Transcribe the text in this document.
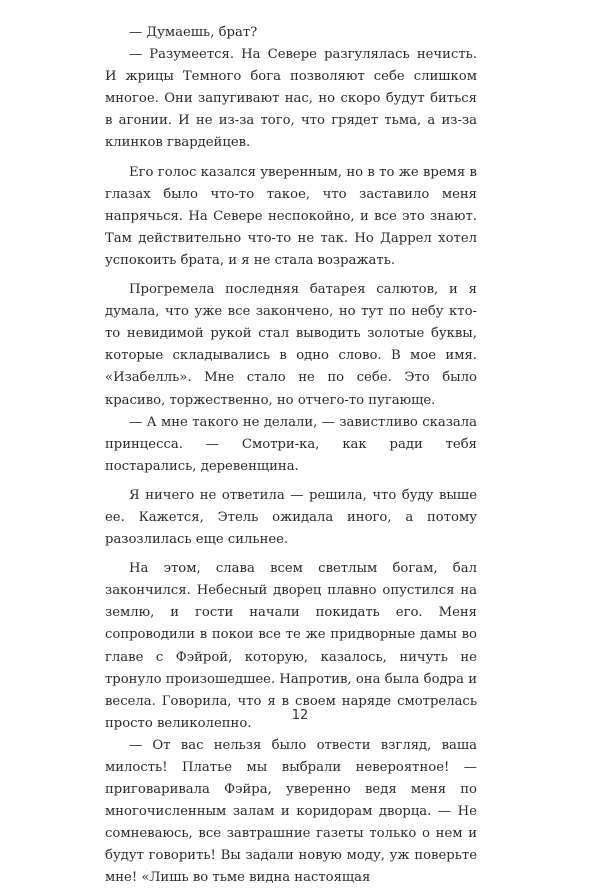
— Думаешь, брат?

— Разумеется. На Севере разгулялась нечисть. И жрицы Темного бога позволяют себе слишком многое. Они запугивают нас, но скоро будут биться в агонии. И не из-за того, что грядет тьма, а из-за клинков гвардейцев.

Его голос казался уверенным, но в то же время в глазах было что-то такое, что заставило меня напрячься. На Севере неспокойно, и все это знают. Там действительно что-то не так. Но Даррел хотел успокоить брата, и я не стала возражать.

Прогремела последняя батарея салютов, и я думала, что уже все закончено, но тут по небу кто-то невидимой рукой стал выводить золотые буквы, которые складывались в одно слово. В мое имя. «Изабелль». Мне стало не по себе. Это было красиво, торжественно, но отчего-то пугающе.

— А мне такого не делали, — завистливо сказала принцесса. — Смотри-ка, как ради тебя постарались, деревенщина.

Я ничего не ответила — решила, что буду выше ее. Кажется, Этель ожидала иного, а потому разозлилась еще сильнее.

На этом, слава всем светлым богам, бал закончился. Небесный дворец плавно опустился на землю, и гости начали покидать его. Меня сопроводили в покои все те же придворные дамы во главе с Фэйрой, которую, казалось, ничуть не тронуло произошедшее. Напротив, она была бодра и весела. Говорила, что я в своем наряде смотрелась просто великолепно.

— От вас нельзя было отвести взгляд, ваша милость! Платье мы выбрали невероятное! — приговаривала Фэйра, уверенно ведя меня по многочисленным залам и коридорам дворца. — Не сомневаюсь, все завтрашние газеты только о нем и будут говорить! Вы задали новую моду, уж поверьте мне! «Лишь во тьме видна настоящая

12
